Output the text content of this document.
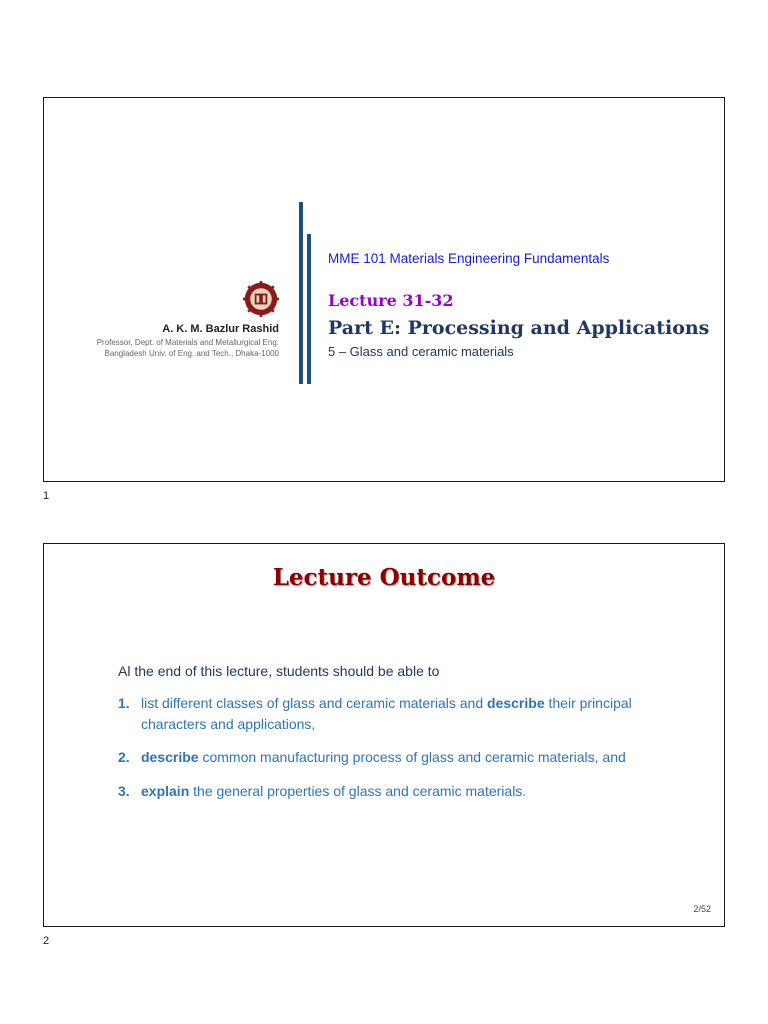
A. K. M. Bazlur Rashid
Professor, Dept. of Materials and Metallurgical Eng.
Bangladesh Univ. of Eng. and Tech., Dhaka-1000
MME 101 Materials Engineering Fundamentals
Lecture 31-32
Part E: Processing and Applications
5 – Glass and ceramic materials
1
Lecture Outcome
Al the end of this lecture, students should be able to
1. list different classes of glass and ceramic materials and describe their principal characters and applications,
2. describe common manufacturing process of glass and ceramic materials, and
3. explain the general properties of glass and ceramic materials.
2/52
2
